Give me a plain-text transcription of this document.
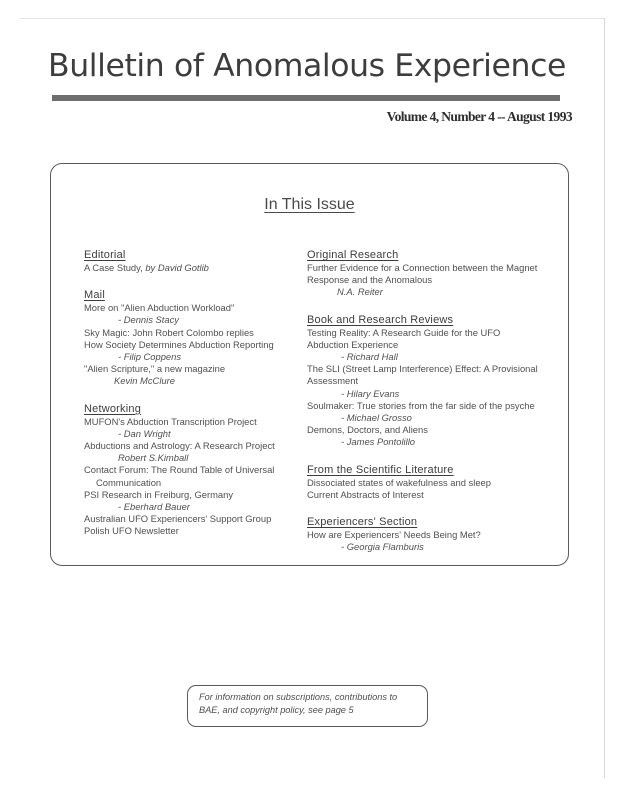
Bulletin of Anomalous Experience
Volume 4, Number 4 -- August 1993
In This Issue
Editorial
A Case Study, by David Gotlib
Mail
More on "Alien Abduction Workload"
- Dennis Stacy
Sky Magic: John Robert Colombo replies
How Society Determines Abduction Reporting
- Filip Coppens
"Alien Scripture," a new magazine
Kevin McClure
Networking
MUFON's Abduction Transcription Project
- Dan Wright
Abductions and Astrology: A Research Project
Robert S.Kimball
Contact Forum: The Round Table of Universal
Communication
PSI Research in Freiburg, Germany
- Eberhard Bauer
Australian UFO Experiencers' Support Group
Polish UFO Newsletter
Original Research
Further Evidence for a Connection between the Magnet
Response and the Anomalous
N.A. Reiter
Book and Research Reviews
Testing Reality: A Research Guide for the UFO
Abduction Experience
- Richard Hall
The SLI (Street Lamp Interference) Effect: A Provisional
Assessment
- Hilary Evans
Soulmaker: True stories from the far side of the psyche
- Michael Grosso
Demons, Doctors, and Aliens
- James Pontolillo
From the Scientific Literature
Dissociated states of wakefulness and sleep
Current Abstracts of Interest
Experiencers' Section
How are Experiencers' Needs Being Met?
- Georgia Flamburis
For information on subscriptions, contributions to
BAE, and copyright policy, see page 5
